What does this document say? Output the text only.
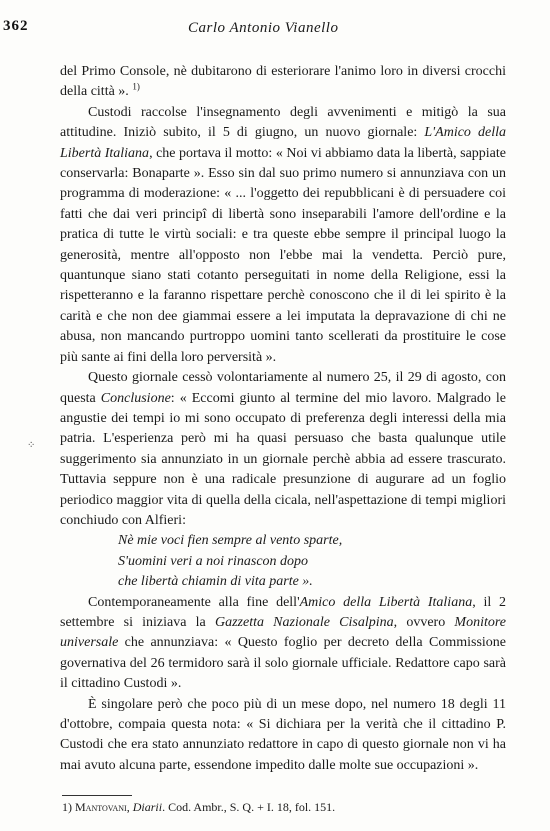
362	Carlo Antonio Vianello
⁘

del Primo Console, nè dubitarono di esteriorare l'animo loro in diversi crocchi della città ». $^{1)}$

Custodi raccolse l'insegnamento degli avvenimenti e mitigò la sua attitudine. Iniziò subito, il 5 di giugno, un nuovo giornale: L'Amico della Libertà Italiana, che portava il motto: « Noi vi abbiamo data la libertà, sappiate conservarla: Bonaparte ». Esso sin dal suo primo numero si annunziava con un programma di moderazione: « ... l'oggetto dei repubblicani è di persuadere coi fatti che dai veri principî di libertà sono inseparabili l'amore dell'ordine e la pratica di tutte le virtù sociali: e tra queste ebbe sempre il principal luogo la generosità, mentre all'opposto non l'ebbe mai la vendetta. Perciò pure, quantunque siano stati cotanto perseguitati in nome della Religione, essi la rispetteranno e la faranno rispettare perchè conoscono che il di lei spirito è la carità e che non dee giammai essere a lei imputata la depravazione di chi ne abusa, non mancando purtroppo uomini tanto scellerati da prostituire le cose più sante ai fini della loro perversità ».

Questo giornale cessò volontariamente al numero 25, il 29 di agosto, con questa Conclusione: « Eccomi giunto al termine del mio lavoro. Malgrado le angustie dei tempi io mi sono occupato di preferenza degli interessi della mia patria. L'esperienza però mi ha quasi persuaso che basta qualunque utile suggerimento sia annunziato in un giornale perchè abbia ad essere trascurato. Tuttavia seppure non è una radicale presunzione di augurare ad un foglio periodico maggior vita di quella della cicala, nell'aspettazione di tempi migliori conchiudo con Alfieri:

Nè mie voci fien sempre al vento sparte,
S'uomini veri a noi rinascon dopo
che libertà chiamin di vita parte ».

Contemporaneamente alla fine dell'Amico della Libertà Italiana, il 2 settembre si iniziava la Gazzetta Nazionale Cisalpina, ovvero Monitore universale che annunziava: « Questo foglio per decreto della Commissione governativa del 26 termidoro sarà il solo giornale ufficiale. Redattore capo sarà il cittadino Custodi ».

È singolare però che poco più di un mese dopo, nel numero 18 degli 11 d'ottobre, compaia questa nota: « Si dichiara per la verità che il cittadino P. Custodi che era stato annunziato redattore in capo di questo giornale non vi ha mai avuto alcuna parte, essendone impedito dalle molte sue occupazioni ».

1) Mantovani, Diarii. Cod. Ambr., S. Q. + I. 18, fol. 151.
